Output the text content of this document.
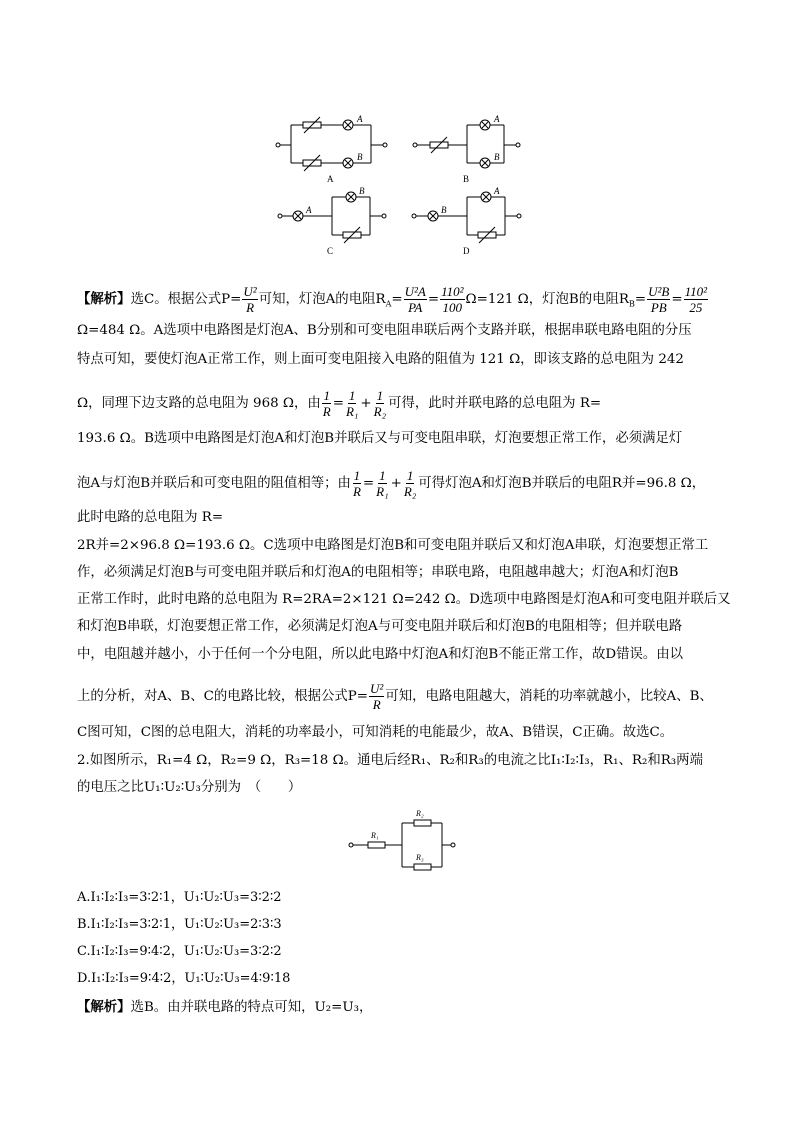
A
B
A
B
A
B
B
A
A	B
C	D
【解析】选C。根据公式$P= \frac{\text{U²}}{R}$ 可知，灯泡A的电阻$R_A= \frac{\text{U²A}}{PA} = \frac{\text{110²}}{100} \Omega=121$ Ω，灯泡B的电阻$R_B= \frac{\text{U²B}}{PB} = \frac{\text{110²}}{25}$
Ω=484 Ω。A选项中电路图是灯泡A、B分别和可变电阻串联后两个支路并联，根据串联电路电阻的分压
特点可知，要使灯泡A正常工作，则上面可变电阻接入电路的阻值为 121 Ω，即该支路的总电阻为 242
Ω，同理下边支路的总电阻为 968 Ω，由 $\frac{1}{R} = \frac{1}{\text{R₁}} + \frac{1}{\text{R₂}}$ 可得，此时并联电路的总电阻为 R=
193.6 Ω。B选项中电路图是灯泡A和灯泡B并联后又与可变电阻串联，灯泡要想正常工作，必须满足灯
泡A与灯泡B并联后和可变电阻的阻值相等；由 $\frac{1}{R} = \frac{1}{\text{R₁}} + \frac{1}{\text{R₂}}$ 可得灯泡A和灯泡B并联后的电阻R并=96.8 Ω，
此时电路的总电阻为 R=
2R并=2×96.8 Ω=193.6 Ω。C选项中电路图是灯泡B和可变电阻并联后又和灯泡A串联，灯泡要想正常工
作，必须满足灯泡B与可变电阻并联后和灯泡A的电阻相等；串联电路，电阻越串越大；灯泡A和灯泡B
正常工作时，此时电路的总电阻为 R=2RA=2×121 Ω=242 Ω。D选项中电路图是灯泡A和可变电阻并联后又
和灯泡B串联，灯泡要想正常工作，必须满足灯泡A与可变电阻并联后和灯泡B的电阻相等；但并联电路
中，电阻越并越小，小于任何一个分电阻，所以此电路中灯泡A和灯泡B不能正常工作，故D错误。由以
上的分析，对A、B、C的电路比较，根据公式$P= \frac{\text{U²}}{R}$ 可知，电路电阻越大，消耗的功率就越小，比较A、B、
C图可知，C图的总电阻大，消耗的功率最小，可知消耗的电能最少，故A、B错误，C正确。故选C。
2.如图所示，R₁=4 Ω，R₂=9 Ω，R₃=18 Ω。通电后经R₁、R₂和R₃的电流之比I₁∶I₂∶I₃，R₁、R₂和R₃两端
的电压之比U₁∶U₂∶U₃分别为　（　　）
R₁
R₂
R₃
A.I₁∶I₂∶I₃=3∶2∶1，U₁∶U₂∶U₃=3∶2∶2
B.I₁∶I₂∶I₃=3∶2∶1，U₁∶U₂∶U₃=2∶3∶3
C.I₁∶I₂∶I₃=9∶4∶2，U₁∶U₂∶U₃=3∶2∶2
D.I₁∶I₂∶I₃=9∶4∶2，U₁∶U₂∶U₃=4∶9∶18
【解析】选B。由并联电路的特点可知，U₂=U₃，
